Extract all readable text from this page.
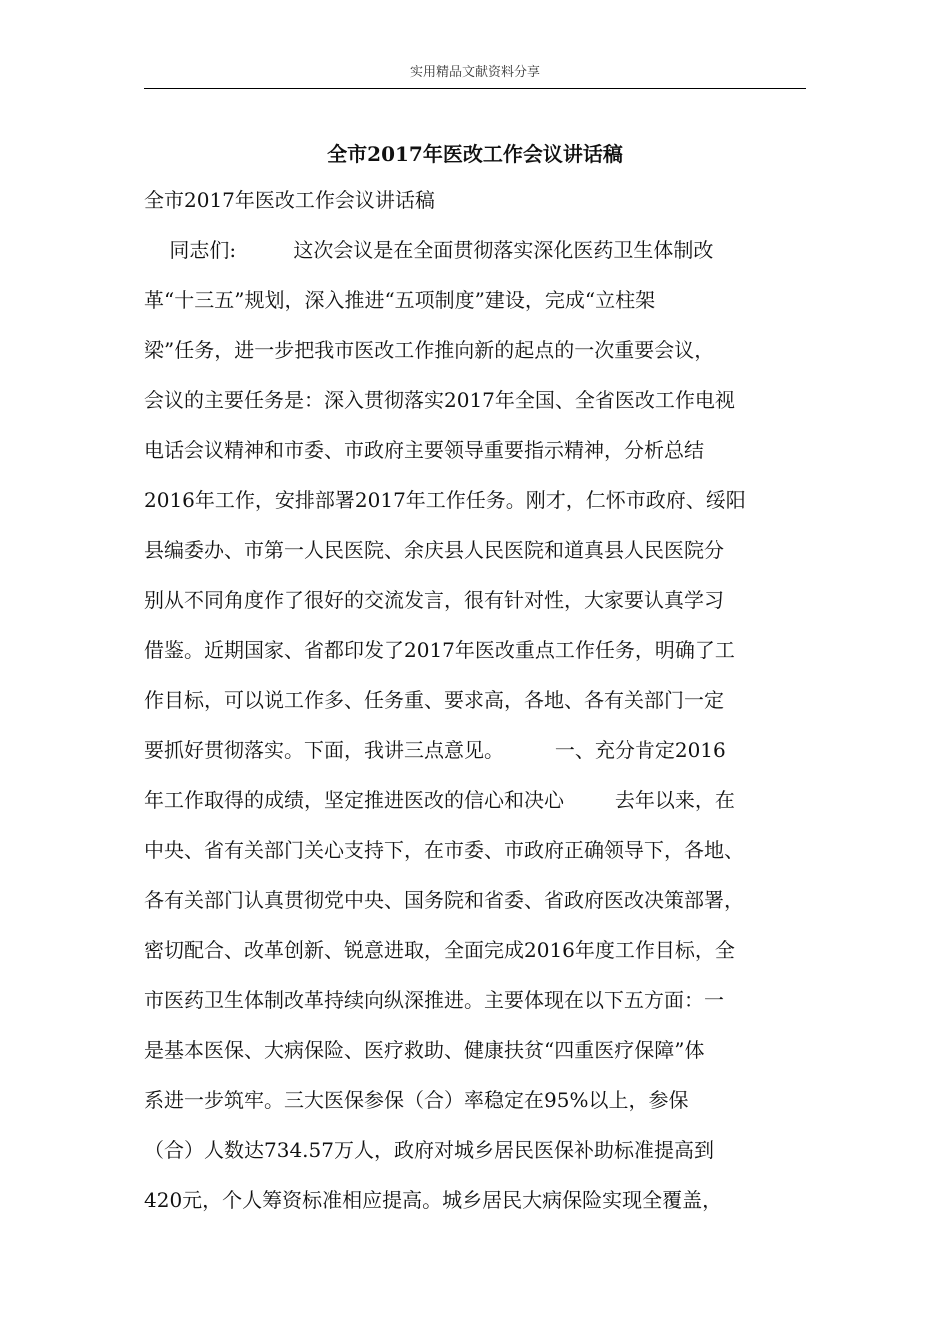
实用精品文献资料分享
全市2017年医改工作会议讲话稿
全市2017年医改工作会议讲话稿
同志们:         这次会议是在全面贯彻落实深化医药卫生体制改
革“十三五”规划，深入推进“五项制度”建设，完成“立柱架
梁”任务，进一步把我市医改工作推向新的起点的一次重要会议，
会议的主要任务是：深入贯彻落实2017年全国、全省医改工作电视
电话会议精神和市委、市政府主要领导重要指示精神，分析总结
2016年工作，安排部署2017年工作任务。刚才，仁怀市政府、绥阳
县编委办、市第一人民医院、余庆县人民医院和道真县人民医院分
别从不同角度作了很好的交流发言，很有针对性，大家要认真学习
借鉴。近期国家、省都印发了2017年医改重点工作任务，明确了工
作目标，可以说工作多、任务重、要求高，各地、各有关部门一定
要抓好贯彻落实。下面，我讲三点意见。        一、充分肯定2016
年工作取得的成绩，坚定推进医改的信心和决心        去年以来，在
中央、省有关部门关心支持下，在市委、市政府正确领导下，各地、
各有关部门认真贯彻党中央、国务院和省委、省政府医改决策部署，
密切配合、改革创新、锐意进取，全面完成2016年度工作目标，全
市医药卫生体制改革持续向纵深推进。主要体现在以下五方面：一
是基本医保、大病保险、医疗救助、健康扶贫“四重医疗保障”体
系进一步筑牢。三大医保参保（合）率稳定在95%以上，参保
（合）人数达734.57万人，政府对城乡居民医保补助标准提高到
420元，个人筹资标准相应提高。城乡居民大病保险实现全覆盖，
